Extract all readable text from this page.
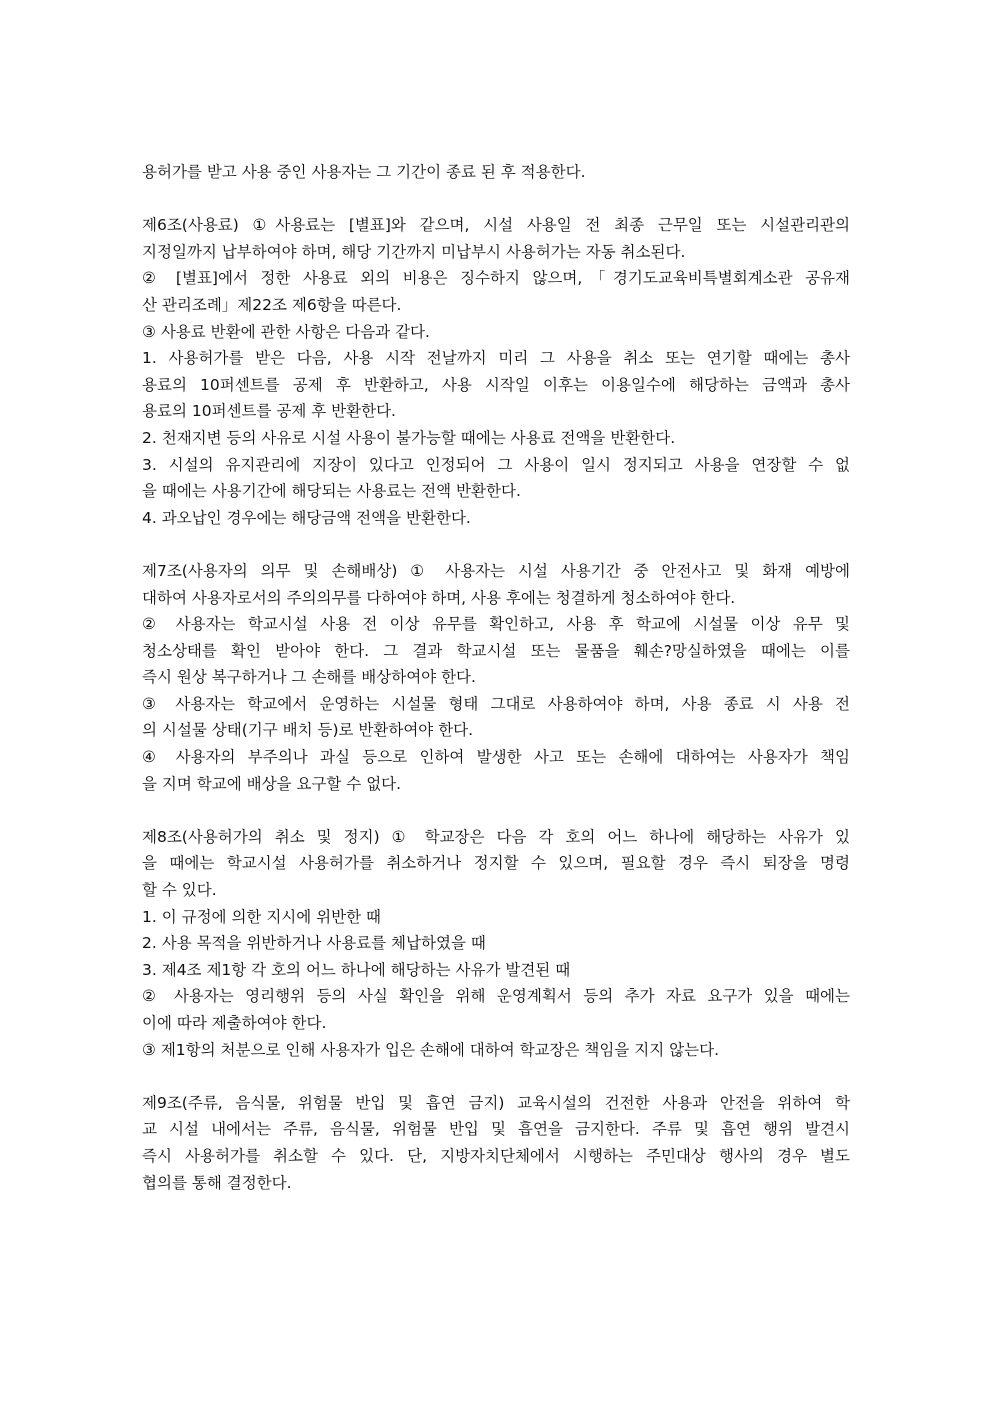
용허가를 받고 사용 중인 사용자는 그 기간이 종료 된 후 적용한다.
제6조(사용료) ①사용료는 [별표]와 같으며, 시설 사용일 전 최종 근무일 또는 시설관리관의
지정일까지 납부하여야 하며, 해당 기간까지 미납부시 사용허가는 자동 취소된다.
② [별표]에서 정한 사용료 외의 비용은 징수하지 않으며,「경기도교육비특별회계소관 공유재
산 관리조례」제22조 제6항을 따른다.
③ 사용료 반환에 관한 사항은 다음과 같다.
1. 사용허가를 받은 다음, 사용 시작 전날까지 미리 그 사용을 취소 또는 연기할 때에는 총사
용료의 10퍼센트를 공제 후 반환하고, 사용 시작일 이후는 이용일수에 해당하는 금액과 총사
용료의 10퍼센트를 공제 후 반환한다.
2. 천재지변 등의 사유로 시설 사용이 불가능할 때에는 사용료 전액을 반환한다.
3. 시설의 유지관리에 지장이 있다고 인정되어 그 사용이 일시 정지되고 사용을 연장할 수 없
을 때에는 사용기간에 해당되는 사용료는 전액 반환한다.
4. 과오납인 경우에는 해당금액 전액을 반환한다.
제7조(사용자의 의무 및 손해배상) ① 사용자는 시설 사용기간 중 안전사고 및 화재 예방에
대하여 사용자로서의 주의의무를 다하여야 하며, 사용 후에는 청결하게 청소하여야 한다.
② 사용자는 학교시설 사용 전 이상 유무를 확인하고, 사용 후 학교에 시설물 이상 유무 및
청소상태를 확인 받아야 한다. 그 결과 학교시설 또는 물품을 훼손?망실하였을 때에는 이를
즉시 원상 복구하거나 그 손해를 배상하여야 한다.
③ 사용자는 학교에서 운영하는 시설물 형태 그대로 사용하여야 하며, 사용 종료 시 사용 전
의 시설물 상태(기구 배치 등)로 반환하여야 한다.
④ 사용자의 부주의나 과실 등으로 인하여 발생한 사고 또는 손해에 대하여는 사용자가 책임
을 지며 학교에 배상을 요구할 수 없다.
제8조(사용허가의 취소 및 정지) ① 학교장은 다음 각 호의 어느 하나에 해당하는 사유가 있
을 때에는 학교시설 사용허가를 취소하거나 정지할 수 있으며, 필요할 경우 즉시 퇴장을 명령
할 수 있다.
1. 이 규정에 의한 지시에 위반한 때
2. 사용 목적을 위반하거나 사용료를 체납하였을 때
3. 제4조 제1항 각 호의 어느 하나에 해당하는 사유가 발견된 때
② 사용자는 영리행위 등의 사실 확인을 위해 운영계획서 등의 추가 자료 요구가 있을 때에는
이에 따라 제출하여야 한다.
③ 제1항의 처분으로 인해 사용자가 입은 손해에 대하여 학교장은 책임을 지지 않는다.
제9조(주류, 음식물, 위험물 반입 및 흡연 금지) 교육시설의 건전한 사용과 안전을 위하여 학
교 시설 내에서는 주류, 음식물, 위험물 반입 및 흡연을 금지한다. 주류 및 흡연 행위 발견시
즉시 사용허가를 취소할 수 있다. 단, 지방자치단체에서 시행하는 주민대상 행사의 경우 별도
협의를 통해 결정한다.
